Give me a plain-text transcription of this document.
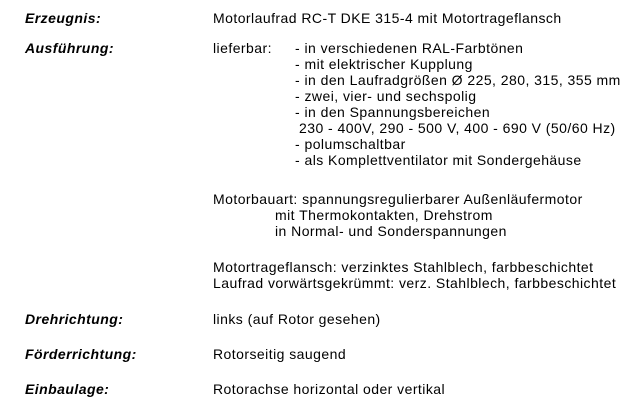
Erzeugnis:	Motorlaufrad RC-T DKE 315-4 mit Motortrageflansch
Ausführung:	lieferbar: - in verschiedenen RAL-Farbtönen
- mit elektrischer Kupplung
- in den Laufradgrößen Ø 225, 280, 315, 355 mm
- zwei, vier- und sechspolig
- in den Spannungsbereichen
230 - 400V, 290 - 500 V, 400 - 690 V (50/60 Hz)
- polumschaltbar
- als Komplettventilator mit Sondergehäuse
Motorbauart: spannungsregulierbarer Außenläufermotor
mit Thermokontakten, Drehstrom
in Normal- und Sonderspannungen
Motortrageflansch: verzinktes Stahlblech, farbbeschichtet
Laufrad vorwärtsgekrümmt: verz. Stahlblech, farbbeschichtet
Drehrichtung:	links (auf Rotor gesehen)
Förderrichtung:	Rotorseitig saugend
Einbaulage:	Rotorachse horizontal oder vertikal
